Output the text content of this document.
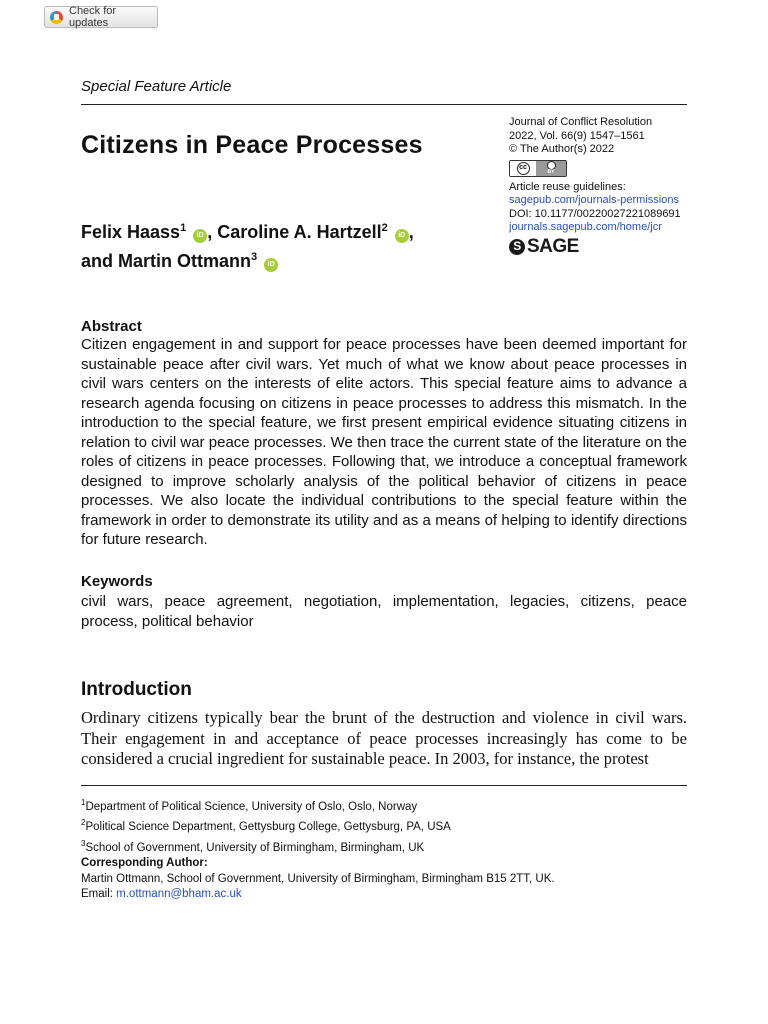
Check for updates
Special Feature Article
Journal of Conflict Resolution
2022, Vol. 66(9) 1547–1561
© The Author(s) 2022
cc
BY
Article reuse guidelines:
sagepub.com/journals-permissions
DOI: 10.1177/00220027221089691
journals.sagepub.com/home/jcr
S SAGE
Citizens in Peace Processes
Felix Haass$^1$ iD , Caroline A. Hartzell$^2$ iD ,
and Martin Ottmann$^3$ iD
Abstract
Citizen engagement in and support for peace processes have been deemed important for sustainable peace after civil wars. Yet much of what we know about peace processes in civil wars centers on the interests of elite actors. This special feature aims to advance a research agenda focusing on citizens in peace processes to address this mismatch. In the introduction to the special feature, we first present empirical evidence situating citizens in relation to civil war peace processes. We then trace the current state of the literature on the roles of citizens in peace processes. Following that, we introduce a conceptual framework designed to improve scholarly analysis of the political behavior of citizens in peace processes. We also locate the individual contributions to the special feature within the framework in order to demonstrate its utility and as a means of helping to identify directions for future research.
Keywords
civil wars, peace agreement, negotiation, implementation, legacies, citizens, peace process, political behavior
Introduction
Ordinary citizens typically bear the brunt of the destruction and violence in civil wars. Their engagement in and acceptance of peace processes increasingly has come to be considered a crucial ingredient for sustainable peace. In 2003, for instance, the protest
$^1$Department of Political Science, University of Oslo, Oslo, Norway
$^2$Political Science Department, Gettysburg College, Gettysburg, PA, USA
$^3$School of Government, University of Birmingham, Birmingham, UK
Corresponding Author:
Martin Ottmann, School of Government, University of Birmingham, Birmingham B15 2TT, UK.
Email: m.ottmann@bham.ac.uk
